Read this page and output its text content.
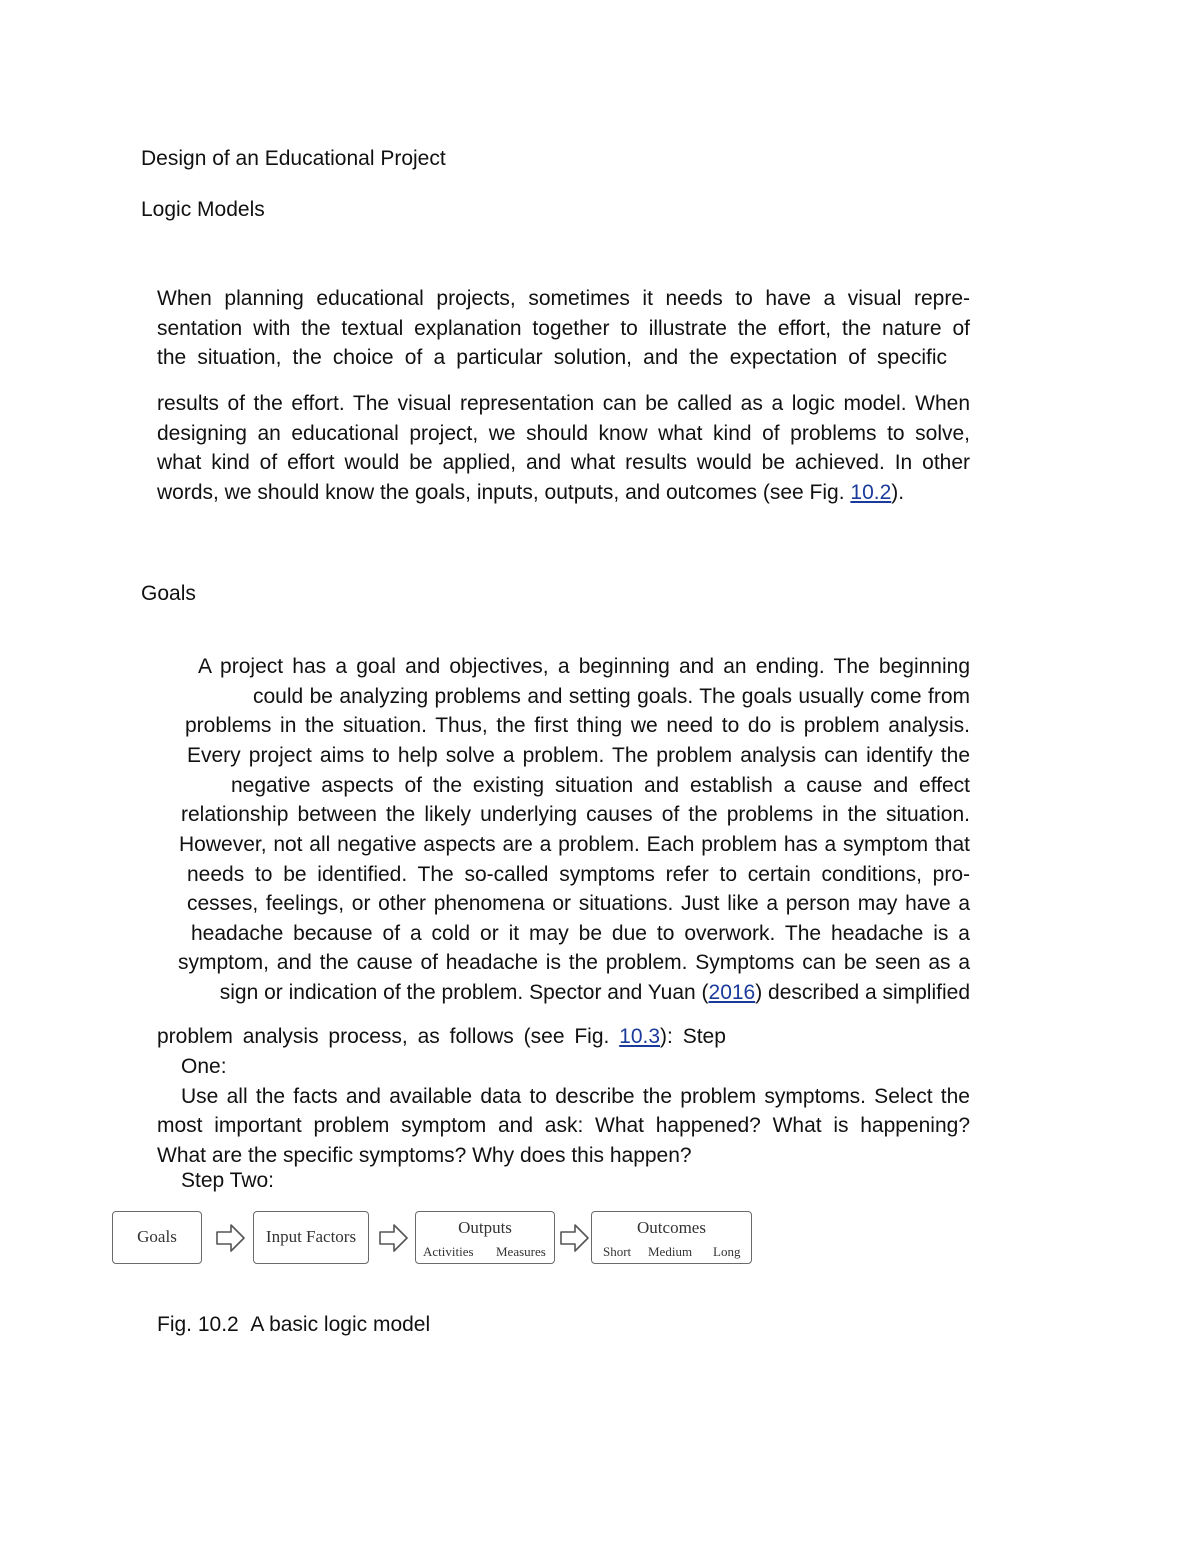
Design of an Educational Project
Logic Models
When planning educational projects, sometimes it needs to have a visual repre-
sentation with the textual explanation together to illustrate the effort, the nature of
the situation, the choice of a particular solution, and the expectation of specific
results of the effort. The visual representation can be called as a logic model. When
designing an educational project, we should know what kind of problems to solve,
what kind of effort would be applied, and what results would be achieved. In other
words, we should know the goals, inputs, outputs, and outcomes (see Fig. 10.2).
Goals
A project has a goal and objectives, a beginning and an ending. The beginning
could be analyzing problems and setting goals. The goals usually come from
problems in the situation. Thus, the first thing we need to do is problem analysis.
Every project aims to help solve a problem. The problem analysis can identify the
negative aspects of the existing situation and establish a cause and effect
relationship between the likely underlying causes of the problems in the situation.
However, not all negative aspects are a problem. Each problem has a symptom that
needs to be identified. The so-called symptoms refer to certain conditions, pro-
cesses, feelings, or other phenomena or situations. Just like a person may have a
headache because of a cold or it may be due to overwork. The headache is a
symptom, and the cause of headache is the problem. Symptoms can be seen as a
sign or indication of the problem. Spector and Yuan (2016) described a simplified
problem analysis process, as follows (see Fig. 10.3): Step
One:
Use all the facts and available data to describe the problem symptoms. Select the
most important problem symptom and ask: What happened? What is happening?
What are the specific symptoms? Why does this happen?
Step Two:
Goals	Input Factors	Outputs
Activities Measures
Outcomes
Short Medium Long
Fig. 10.2 A basic logic model
